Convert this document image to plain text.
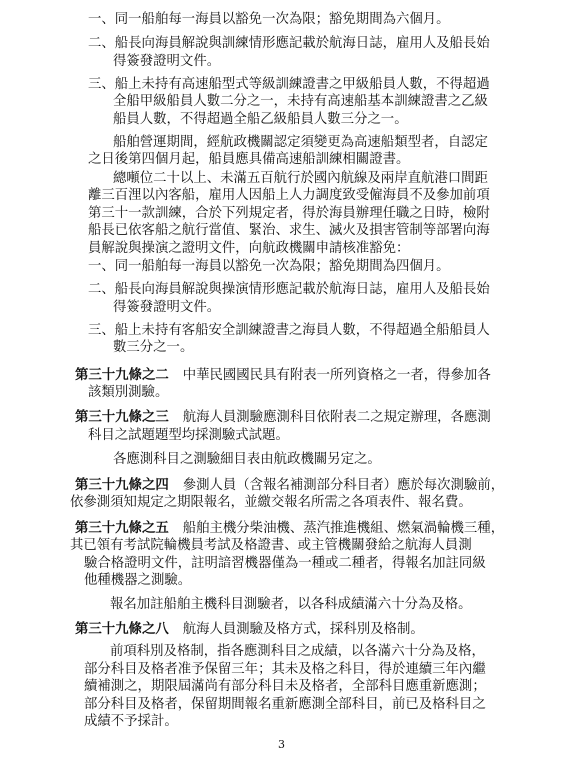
一、同一船舶每一海員以豁免一次為限；豁免期間為六個月。
二、船長向海員解說與訓練情形應記載於航海日誌，雇用人及船長始
得簽發證明文件。
三、船上未持有高速船型式等級訓練證書之甲級船員人數，不得超過
全船甲級船員人數二分之一，未持有高速船基本訓練證書之乙級
船員人數，不得超過全船乙級船員人數三分之一。
船舶營運期間，經航政機關認定須變更為高速船類型者，自認定
之日後第四個月起，船員應具備高速船訓練相關證書。
總噸位二十以上、未滿五百航行於國內航線及兩岸直航港口間距
離三百浬以內客船，雇用人因船上人力調度致受僱海員不及參加前項
第三十一款訓練，合於下列規定者，得於海員辦理任職之日時，檢附
船長已依客船之航行當值、緊治、求生、滅火及損害管制等部署向海
員解說與操演之證明文件，向航政機關申請核准豁免：
一、同一船舶每一海員以豁免一次為限；豁免期間為四個月。
二、船長向海員解說與操演情形應記載於航海日誌，雇用人及船長始
得簽發證明文件。
三、船上未持有客船安全訓練證書之海員人數，不得超過全船船員人
數三分之一。
第三十九條之二 中華民國國民具有附表一所列資格之一者，得參加各
該類別測驗。
第三十九條之三 航海人員測驗應測科目依附表二之規定辦理，各應測
科目之試題題型均採測驗式試題。
各應測科目之測驗細目表由航政機關另定之。
第三十九條之四 參測人員（含報名補測部分科目者）應於每次測驗前，
依參測須知規定之期限報名，並繳交報名所需之各項表件、報名費。
第三十九條之五 船舶主機分柴油機、蒸汽推進機組、燃氣渦輪機三種，
其已領有考試院輪機員考試及格證書、或主管機關發給之航海人員測
驗合格證明文件，註明諳習機器僅為一種或二種者，得報名加註同級
他種機器之測驗。
報名加註船舶主機科目測驗者，以各科成績滿六十分為及格。
第三十九條之八 航海人員測驗及格方式，採科別及格制。
前項科別及格制，指各應測科目之成績，以各滿六十分為及格，
部分科目及格者准予保留三年；其未及格之科目，得於連續三年內繼
續補測之，期限屆滿尚有部分科目未及格者，全部科目應重新應測；
部分科目及格者，保留期間報名重新應測全部科目，前已及格科目之
成績不予採計。
3
